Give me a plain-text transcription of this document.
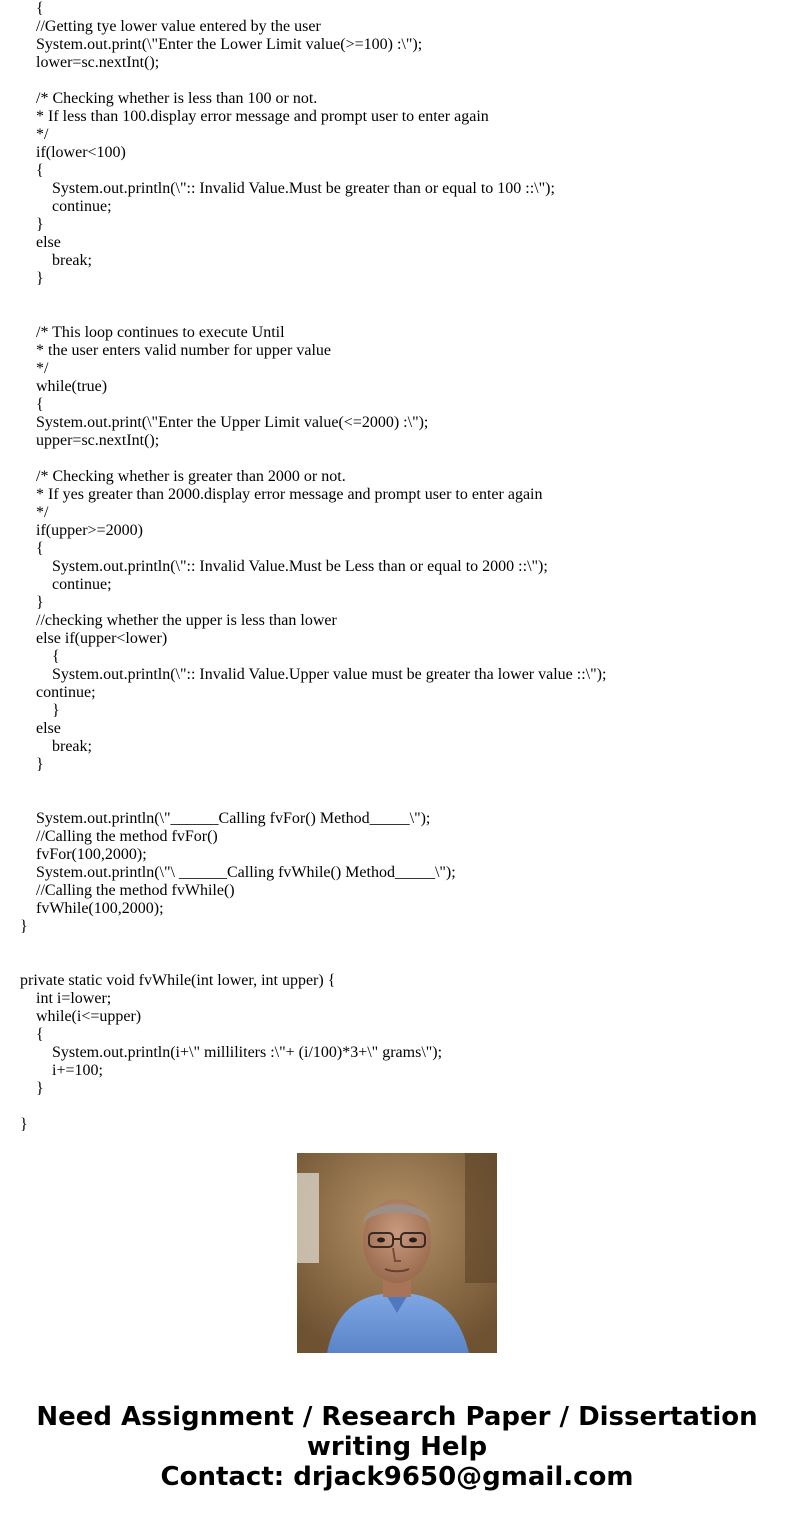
{
//Getting tye lower value entered by the user
System.out.print(\"Enter the Lower Limit value(>=100) :\");
lower=sc.nextInt();
/* Checking whether is less than 100 or not.
* If less than 100.display error message and prompt user to enter again
*/
if(lower<100)
{
System.out.println(\":: Invalid Value.Must be greater than or equal to 100 ::\");
continue;
}
else
break;
}
/* This loop continues to execute Until
* the user enters valid number for upper value
*/
while(true)
{
System.out.print(\"Enter the Upper Limit value(<=2000) :\");
upper=sc.nextInt();
/* Checking whether is greater than 2000 or not.
* If yes greater than 2000.display error message and prompt user to enter again
*/
if(upper>=2000)
{
System.out.println(\":: Invalid Value.Must be Less than or equal to 2000 ::\");
continue;
}
//checking whether the upper is less than lower
else if(upper<lower)
{
System.out.println(\":: Invalid Value.Upper value must be greater tha lower value ::\");
continue;
}
else
break;
}
System.out.println(\"______Calling fvFor() Method_____\");
//Calling the method fvFor()
fvFor(100,2000);
System.out.println(\"\ ______Calling fvWhile() Method_____\");
//Calling the method fvWhile()
fvWhile(100,2000);
}
private static void fvWhile(int lower, int upper) {
int i=lower;
while(i<=upper)
{
System.out.println(i+\" milliliters :\"+ (i/100)*3+\" grams\");
i+=100;
}
}
Need Assignment / Research Paper / Dissertation
writing Help
Contact: drjack9650@gmail.com
